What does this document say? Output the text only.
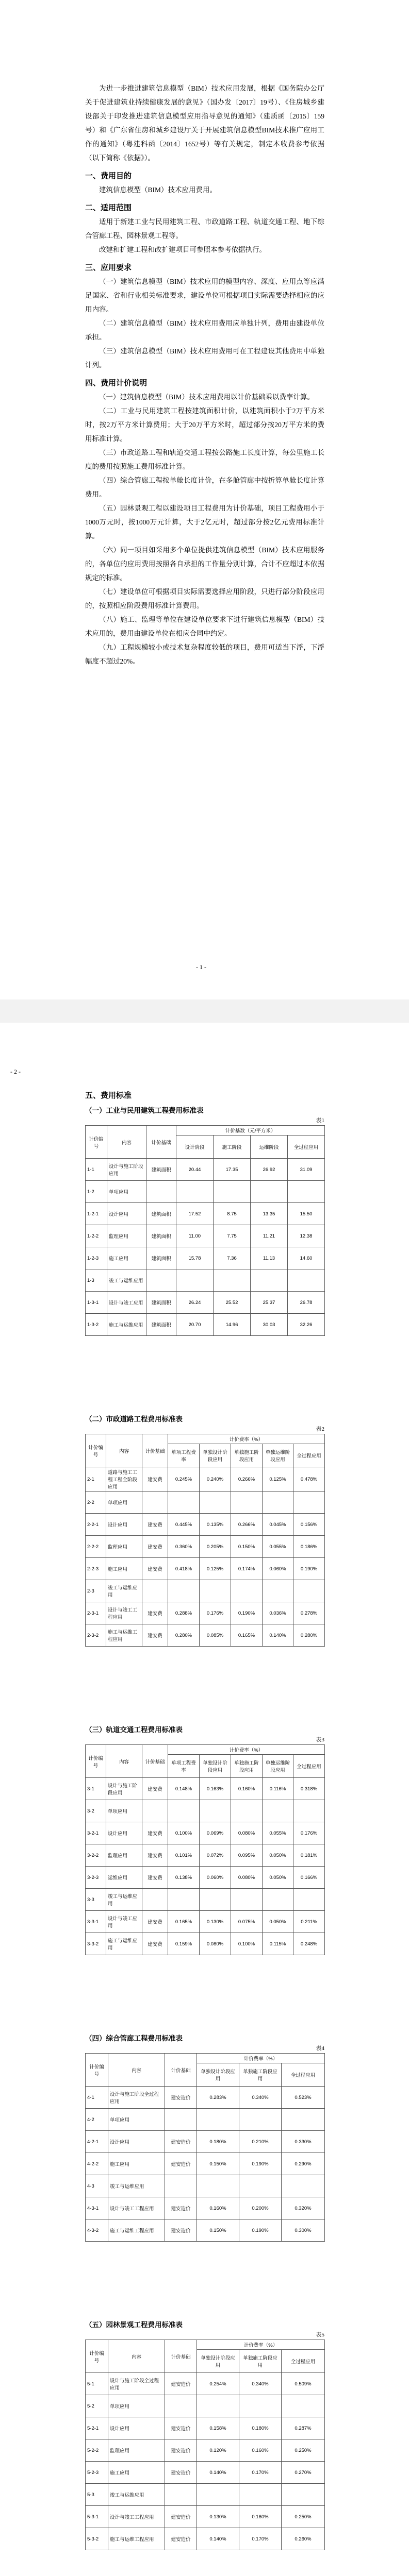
为进一步推进建筑信息模型（BIM）技术应用发展，根据《国务院办公厅关于促进建筑业持续健康发展的意见》（国办发〔2017〕19号）、《住房城乡建设部关于印发推进建筑信息模型应用指导意见的通知》（建质函〔2015〕159号）和《广东省住房和城乡建设厅关于开展建筑信息模型BIM技术推广应用工作的通知》（粤建科函〔2014〕1652号）等有关规定，制定本收费参考依据（以下简称《依据》）。

一、费用目的

建筑信息模型（BIM）技术应用费用。

二、适用范围

适用于新建工业与民用建筑工程、市政道路工程、轨道交通工程、地下综合管廊工程、园林景观工程等。

改建和扩建工程和改扩建项目可参照本参考依据执行。

三、应用要求

（一）建筑信息模型（BIM）技术应用的模型内容、深度、应用点等应满足国家、省和行业相关标准要求，建设单位可根据项目实际需要选择相应的应用内容。

（二）建筑信息模型（BIM）技术应用费用应单独计列，费用由建设单位承担。

（三）建筑信息模型（BIM）技术应用费用可在工程建设其他费用中单独计列。

四、费用计价说明

（一）建筑信息模型（BIM）技术应用费用以计价基础乘以费率计算。

（二）工业与民用建筑工程按建筑面积计价，以建筑面积小于2万平方米时，按2万平方米计算费用；大于20万平方米时，超过部分按20万平方米的费用标准计算。

（三）市政道路工程和轨道交通工程按公路施工长度计算，每公里施工长度的费用按照施工费用标准计算。

（四）综合管廊工程按单舱长度计价，在多舱管廊中按折算单舱长度计算费用。

（五）园林景观工程以建设项目工程费用为计价基础，项目工程费用小于1000万元时，按1000万元计算，大于2亿元时，超过部分按2亿元费用标准计算。

（六）同一项目如采用多个单位提供建筑信息模型（BIM）技术应用服务的，各单位的应用费用按照各自承担的工作量分别计算，合计不应超过本依据规定的标准。

（七）建设单位可根据项目实际需要选择应用阶段，只进行部分阶段应用的，按照相应阶段费用标准计算费用。

（八）施工、监理等单位在建设单位要求下进行建筑信息模型（BIM）技术应用的，费用由建设单位在相应合同中约定。

（九）工程规模较小或技术复杂程度较低的项目，费用可适当下浮，下浮幅度不超过20%。

- 1 -
- 2 -
五、费用标准

（一）工业与民用建筑工程费用标准表

表1

计价编号	内容	计价基础	计价基数（元/平方米）			
			设计阶段	施工阶段	运维阶段	全过程应用
1-1	设计与施工阶段应用	建筑面积	20.44	17.35	26.92	31.09
1-2	单项应用					
1-2-1	设计应用	建筑面积	17.52	8.75	13.35	15.50
1-2-2	监理应用	建筑面积	11.00	7.75	11.21	12.38
1-2-3	施工应用	建筑面积	15.78	7.36	11.13	14.60
1-3	竣工与运维应用					
1-3-1	设计与竣工应用	建筑面积	26.24	25.52	25.37	26.78
1-3-2	施工与运维应用	建筑面积	20.70	14.96	30.03	32.26

（二）市政道路工程费用标准表

表2

计价编号	内容	计价基础	计价费率（%）				
			单项工程费率	单独设计阶段应用	单独施工阶段应用	单独运维阶段应用	全过程应用
2-1	道路与施工工程工程全阶段应用	建安费	0.245%	0.240%	0.266%	0.125%	0.478%
2-2	单项应用						
2-2-1	设计应用	建安费	0.445%	0.135%	0.266%	0.045%	0.156%
2-2-2	监理应用	建安费	0.360%	0.205%	0.150%	0.055%	0.186%
2-2-3	施工应用	建安费	0.418%	0.125%	0.174%	0.060%	0.190%
2-3	竣工与运维应用						
2-3-1	设计与竣工工程应用	建安费	0.288%	0.176%	0.190%	0.036%	0.278%
2-3-2	施工与运维工程应用	建安费	0.280%	0.085%	0.165%	0.140%	0.280%

（三）轨道交通工程费用标准表

表3

计价编号	内容	计价基础	计价费率（%）				
			单项工程费率	单独设计阶段应用	单独施工阶段应用	单独运维阶段应用	全过程应用
3-1	设计与施工阶段应用	建安费	0.148%	0.163%	0.160%	0.116%	0.318%
3-2	单项应用						
3-2-1	设计应用	建安费	0.100%	0.069%	0.080%	0.055%	0.176%
3-2-2	监理应用	建安费	0.101%	0.072%	0.095%	0.050%	0.181%
3-2-3	运维应用	建安费	0.138%	0.060%	0.080%	0.050%	0.166%
3-3	竣工与运维应用						
3-3-1	设计与竣工应用	建安费	0.165%	0.130%	0.075%	0.050%	0.211%
3-3-2	施工与运维应用	建安费	0.159%	0.080%	0.100%	0.115%	0.248%

（四）综合管廊工程费用标准表

表4

计价编号	内容	计价基础	计价费率（%）		
			单独设计阶段应用	单独施工阶段应用	全过程应用
4-1	设计与施工阶段全过程应用	建安造价	0.283%	0.340%	0.523%
4-2	单项应用				
4-2-1	设计应用	建安造价	0.180%	0.210%	0.330%
4-2-2	施工应用	建安造价	0.150%	0.190%	0.290%
4-3	竣工与运维应用				
4-3-1	设计与竣工工程应用	建安造价	0.160%	0.200%	0.320%
4-3-2	施工与运维工程应用	建安造价	0.150%	0.190%	0.300%

（五）园林景观工程费用标准表

表5

计价编号	内容	计价基础	计价费率（%）		
			单独设计阶段应用	单独施工阶段应用	全过程应用
5-1	设计与施工阶段全过程应用	建安造价	0.254%	0.340%	0.509%
5-2	单项应用				
5-2-1	设计应用	建安造价	0.158%	0.180%	0.287%
5-2-2	监理应用	建安造价	0.120%	0.160%	0.250%
5-2-3	施工应用	建安造价	0.140%	0.170%	0.270%
5-3	竣工与运维应用				
5-3-1	设计与竣工工程应用	建安造价	0.130%	0.160%	0.250%
5-3-2	施工与运维工程应用	建安造价	0.140%	0.170%	0.260%
